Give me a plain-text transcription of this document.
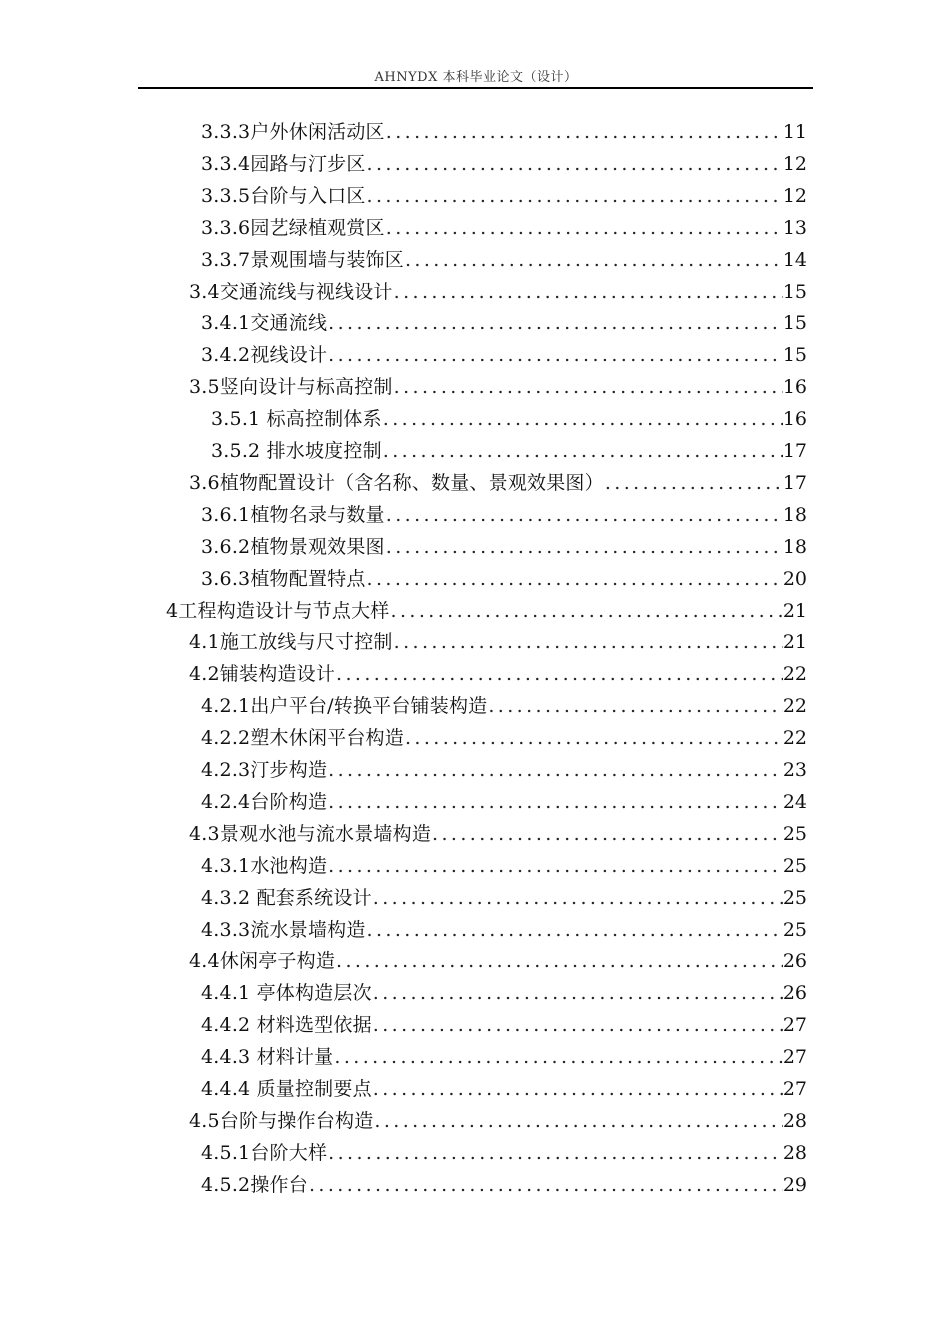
AHNYDX 本科毕业论文（设计）
3.3.3户外休闲活动区 .....	11
3.3.4园路与汀步区 .....	12
3.3.5台阶与入口区 .....	12
3.3.6园艺绿植观赏区 .....	13
3.3.7景观围墙与装饰区 .....	14
3.4交通流线与视线设计 .....	15
3.4.1交通流线 .....	15
3.4.2视线设计 .....	15
3.5竖向设计与标高控制 .....	16
3.5.1 标高控制体系 .....	16
3.5.2 排水坡度控制 .....	17
3.6植物配置设计（含名称、数量、景观效果图） .....	17
3.6.1植物名录与数量 .....	18
3.6.2植物景观效果图 .....	18
3.6.3植物配置特点 .....	20
4工程构造设计与节点大样 .....	21
4.1施工放线与尺寸控制 .....	21
4.2铺装构造设计 .....	22
4.2.1出户平台/转换平台铺装构造 .....	22
4.2.2塑木休闲平台构造 .....	22
4.2.3汀步构造 .....	23
4.2.4台阶构造 .....	24
4.3景观水池与流水景墙构造 .....	25
4.3.1水池构造 .....	25
4.3.2 配套系统设计 .....	25
4.3.3流水景墙构造 .....	25
4.4休闲亭子构造 .....	26
4.4.1 亭体构造层次 .....	26
4.4.2 材料选型依据 .....	27
4.4.3 材料计量 .....	27
4.4.4 质量控制要点 .....	27
4.5台阶与操作台构造 .....	28
4.5.1台阶大样 .....	28
4.5.2操作台 .....	29
